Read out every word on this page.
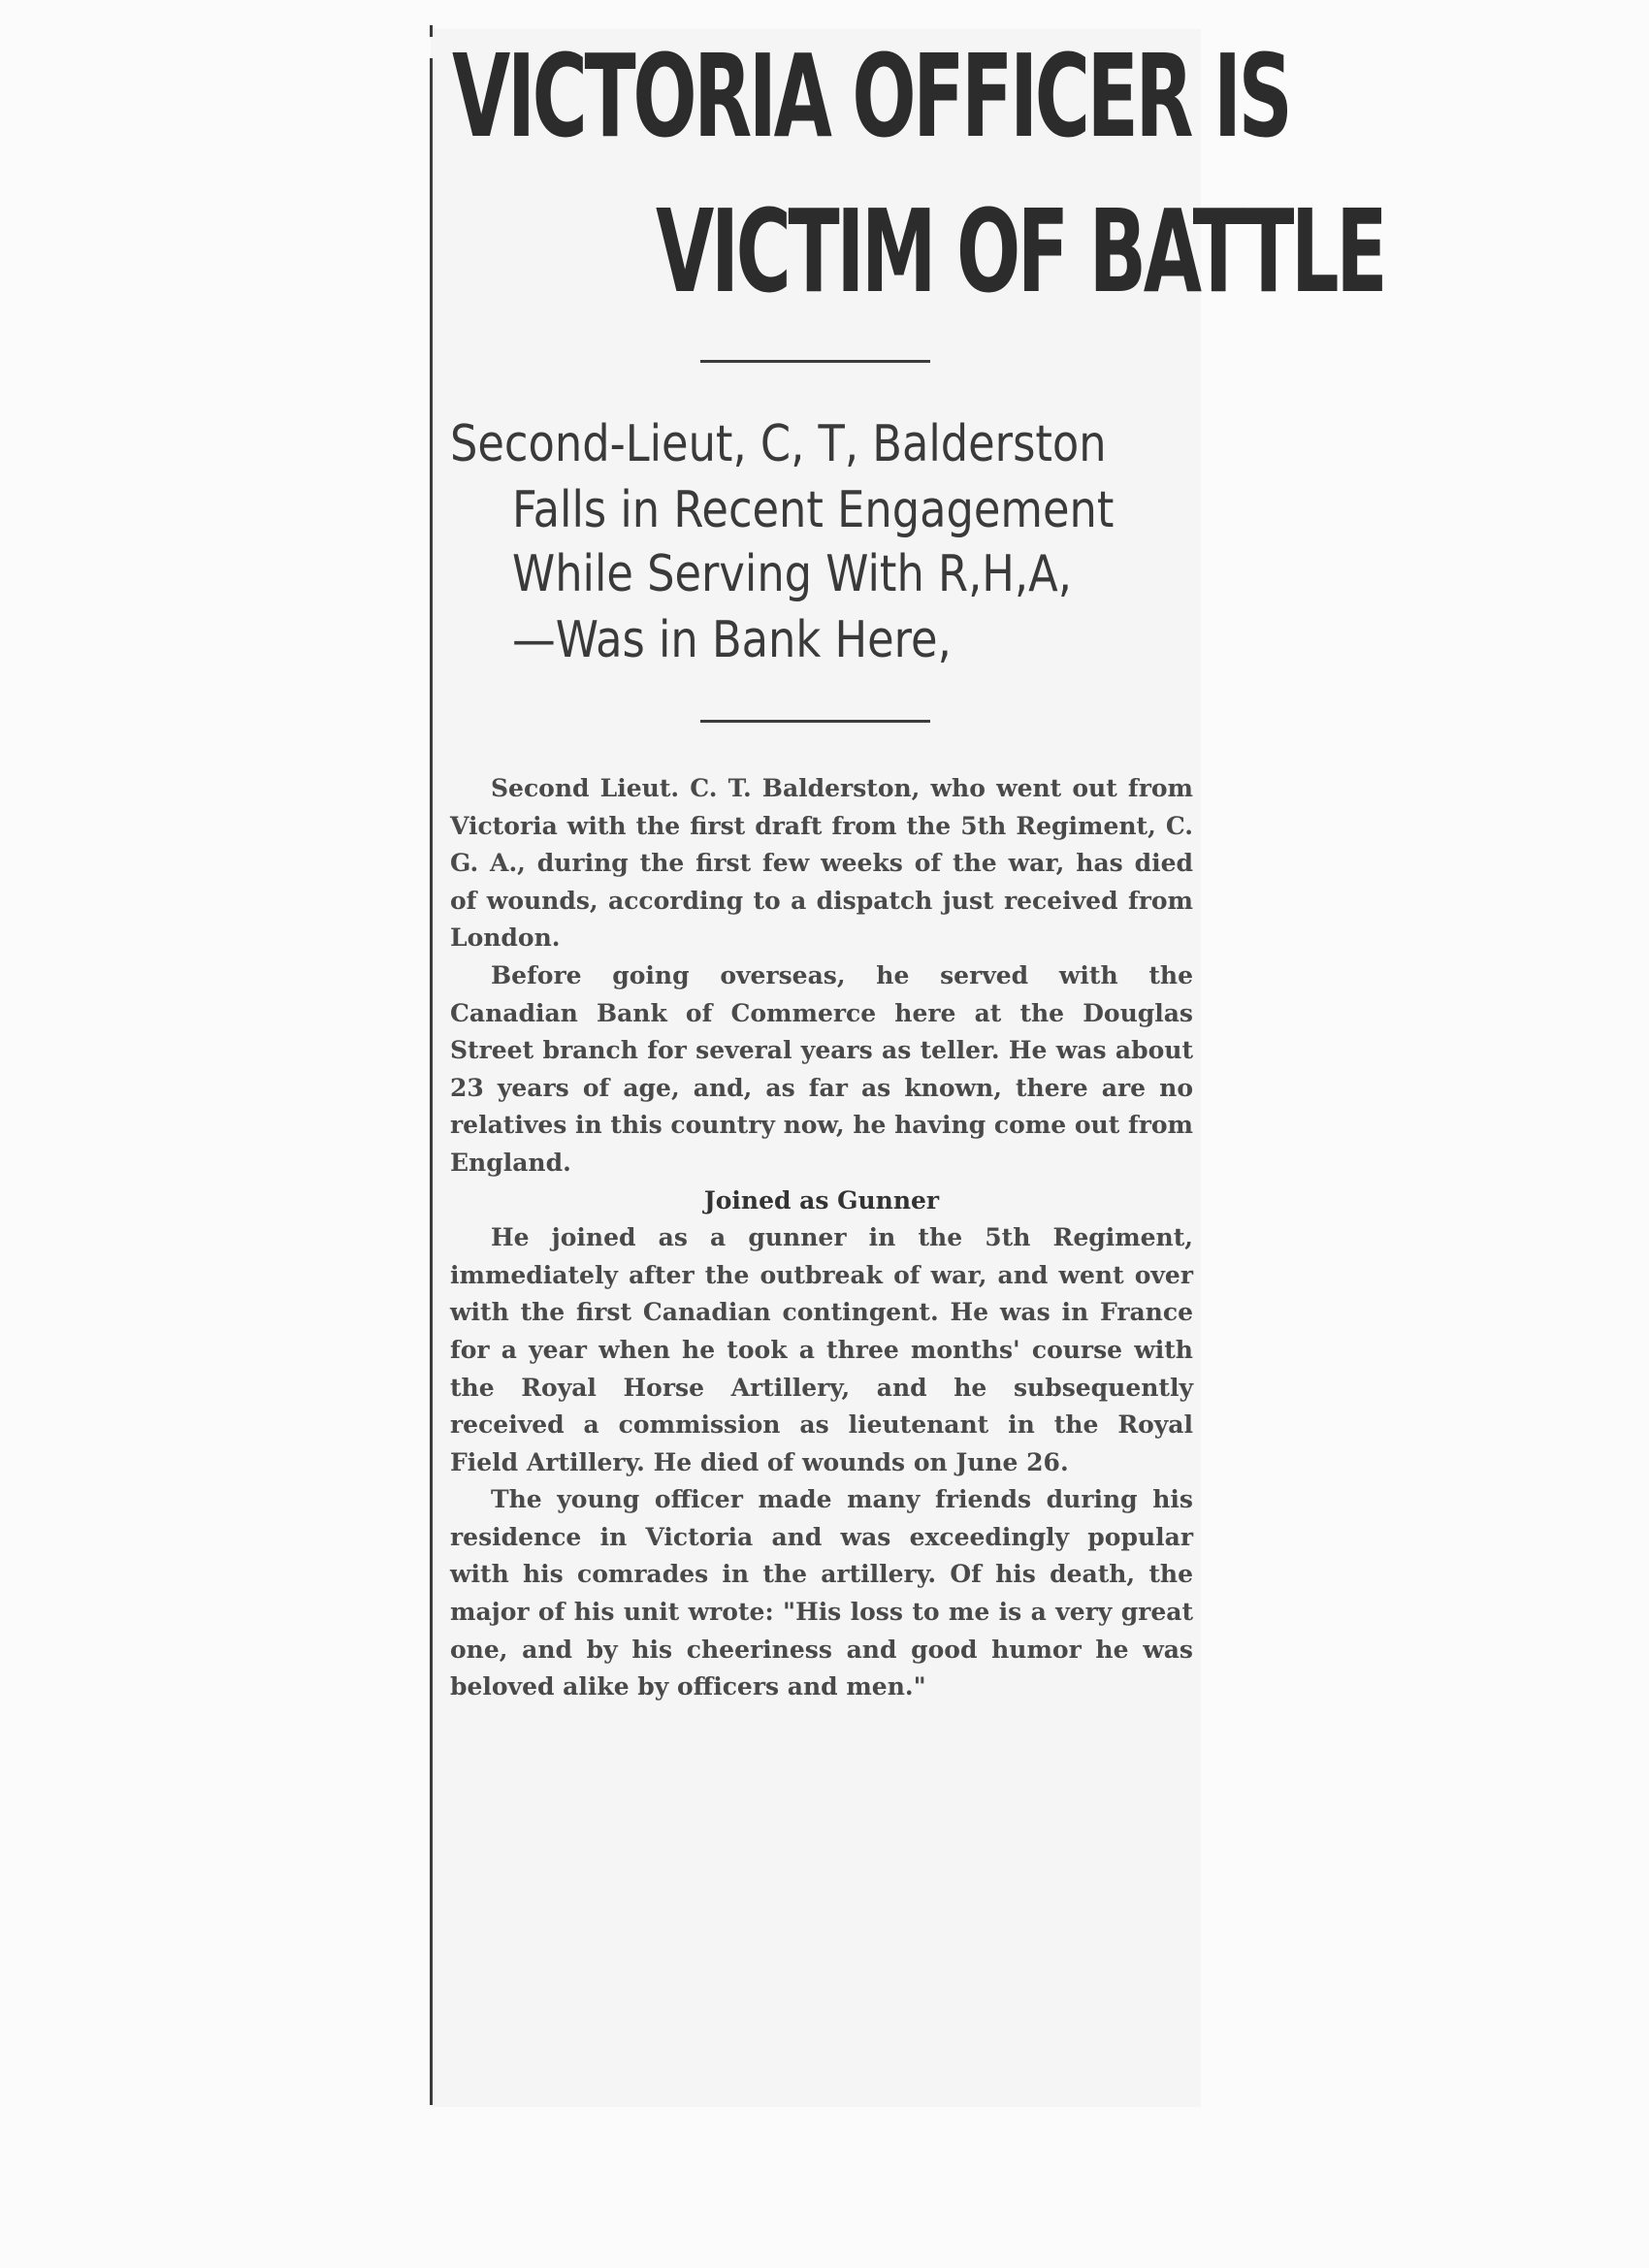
VICTORIA OFFICER IS
VICTIM OF BATTLE
Second-Lieut, C, T, Balderston
Falls in Recent Engagement
While Serving With R,H,A,
—Was in Bank Here,

Second Lieut. C. T. Balderston, who went out from Victoria with the first draft from the 5th Regiment, C. G. A., during the first few weeks of the war, has died of wounds, according to a dispatch just received from London.

Before going overseas, he served with the Canadian Bank of Commerce here at the Douglas Street branch for several years as teller. He was about 23 years of age, and, as far as known, there are no relatives in this country now, he having come out from England.

Joined as Gunner

He joined as a gunner in the 5th Regiment, immediately after the outbreak of war, and went over with the first Canadian contingent. He was in France for a year when he took a three months' course with the Royal Horse Artillery, and he subsequently received a commission as lieutenant in the Royal Field Artillery. He died of wounds on June 26.

The young officer made many friends during his residence in Victoria and was exceedingly popular with his comrades in the artillery. Of his death, the major of his unit wrote: "His loss to me is a very great one, and by his cheeriness and good humor he was beloved alike by officers and men."
